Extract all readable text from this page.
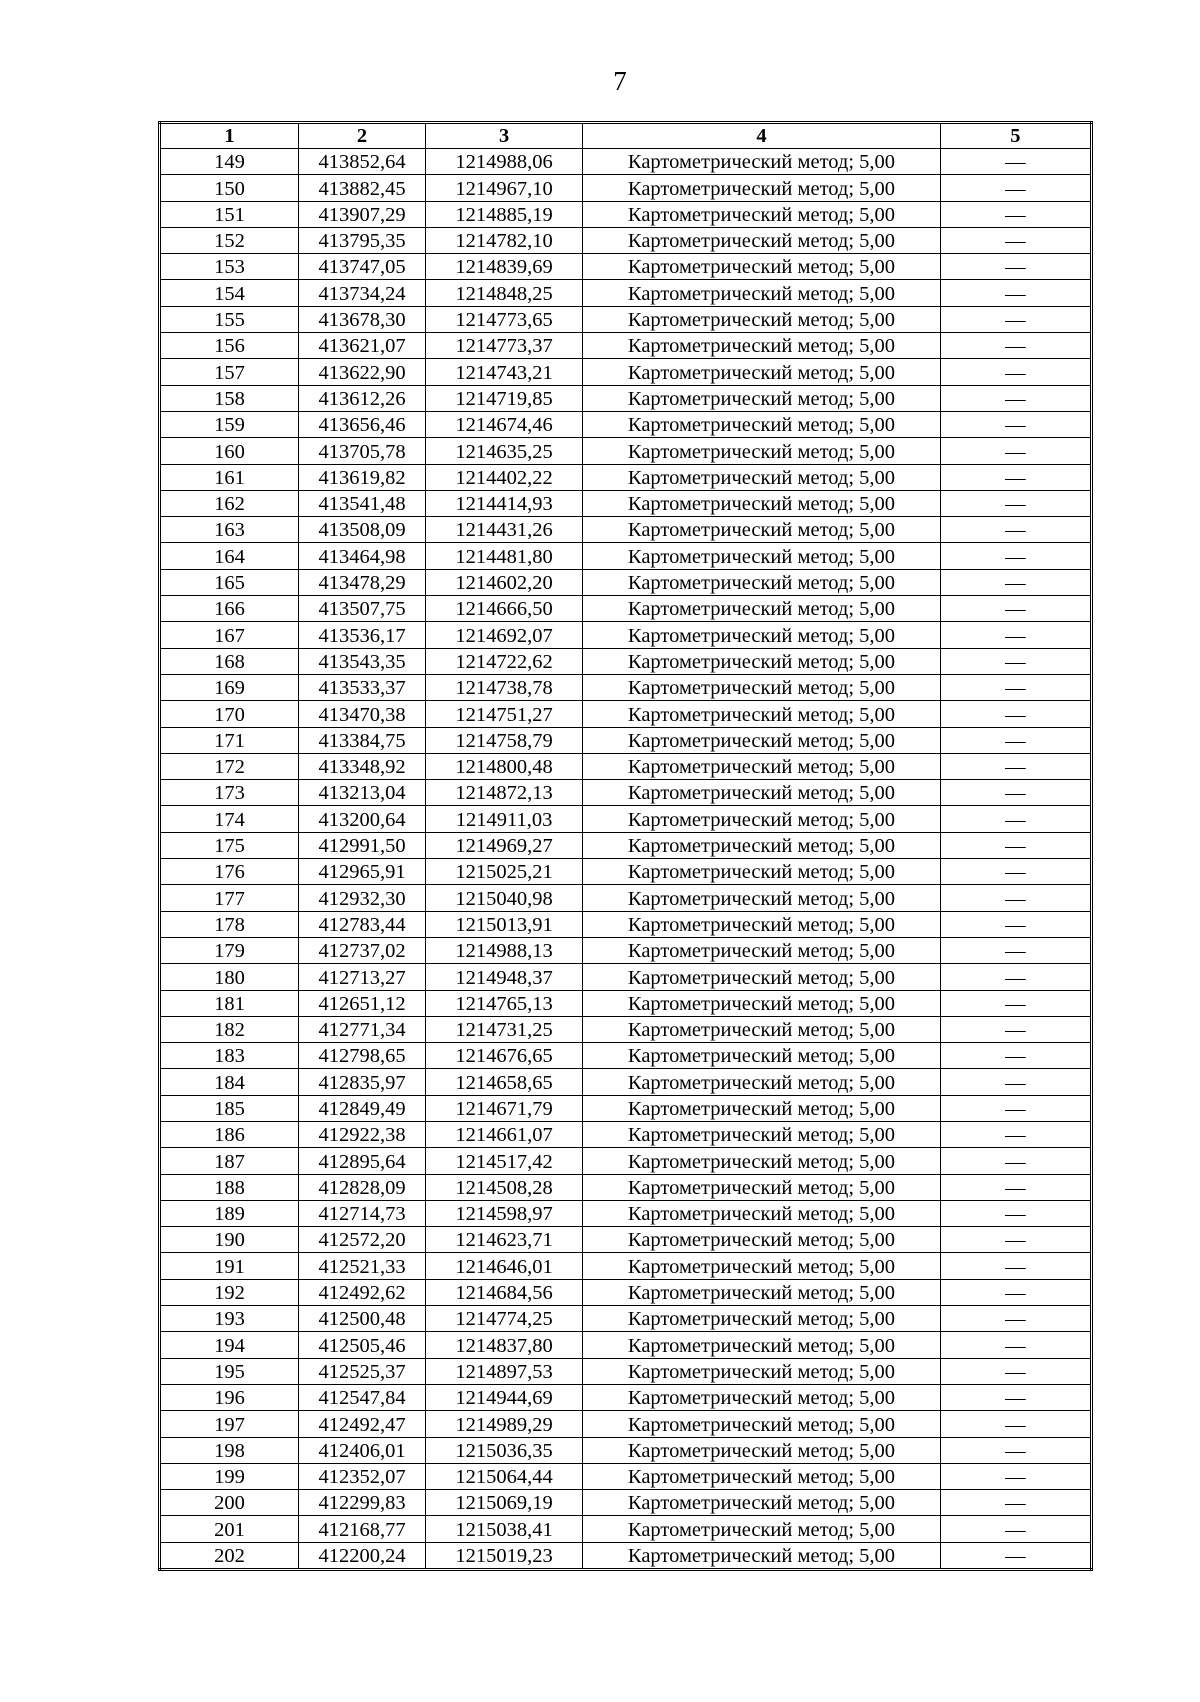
7
1	2	3	4	5
149	413852,64	1214988,06	Картометрический метод; 5,00	—
150	413882,45	1214967,10	Картометрический метод; 5,00	—
151	413907,29	1214885,19	Картометрический метод; 5,00	—
152	413795,35	1214782,10	Картометрический метод; 5,00	—
153	413747,05	1214839,69	Картометрический метод; 5,00	—
154	413734,24	1214848,25	Картометрический метод; 5,00	—
155	413678,30	1214773,65	Картометрический метод; 5,00	—
156	413621,07	1214773,37	Картометрический метод; 5,00	—
157	413622,90	1214743,21	Картометрический метод; 5,00	—
158	413612,26	1214719,85	Картометрический метод; 5,00	—
159	413656,46	1214674,46	Картометрический метод; 5,00	—
160	413705,78	1214635,25	Картометрический метод; 5,00	—
161	413619,82	1214402,22	Картометрический метод; 5,00	—
162	413541,48	1214414,93	Картометрический метод; 5,00	—
163	413508,09	1214431,26	Картометрический метод; 5,00	—
164	413464,98	1214481,80	Картометрический метод; 5,00	—
165	413478,29	1214602,20	Картометрический метод; 5,00	—
166	413507,75	1214666,50	Картометрический метод; 5,00	—
167	413536,17	1214692,07	Картометрический метод; 5,00	—
168	413543,35	1214722,62	Картометрический метод; 5,00	—
169	413533,37	1214738,78	Картометрический метод; 5,00	—
170	413470,38	1214751,27	Картометрический метод; 5,00	—
171	413384,75	1214758,79	Картометрический метод; 5,00	—
172	413348,92	1214800,48	Картометрический метод; 5,00	—
173	413213,04	1214872,13	Картометрический метод; 5,00	—
174	413200,64	1214911,03	Картометрический метод; 5,00	—
175	412991,50	1214969,27	Картометрический метод; 5,00	—
176	412965,91	1215025,21	Картометрический метод; 5,00	—
177	412932,30	1215040,98	Картометрический метод; 5,00	—
178	412783,44	1215013,91	Картометрический метод; 5,00	—
179	412737,02	1214988,13	Картометрический метод; 5,00	—
180	412713,27	1214948,37	Картометрический метод; 5,00	—
181	412651,12	1214765,13	Картометрический метод; 5,00	—
182	412771,34	1214731,25	Картометрический метод; 5,00	—
183	412798,65	1214676,65	Картометрический метод; 5,00	—
184	412835,97	1214658,65	Картометрический метод; 5,00	—
185	412849,49	1214671,79	Картометрический метод; 5,00	—
186	412922,38	1214661,07	Картометрический метод; 5,00	—
187	412895,64	1214517,42	Картометрический метод; 5,00	—
188	412828,09	1214508,28	Картометрический метод; 5,00	—
189	412714,73	1214598,97	Картометрический метод; 5,00	—
190	412572,20	1214623,71	Картометрический метод; 5,00	—
191	412521,33	1214646,01	Картометрический метод; 5,00	—
192	412492,62	1214684,56	Картометрический метод; 5,00	—
193	412500,48	1214774,25	Картометрический метод; 5,00	—
194	412505,46	1214837,80	Картометрический метод; 5,00	—
195	412525,37	1214897,53	Картометрический метод; 5,00	—
196	412547,84	1214944,69	Картометрический метод; 5,00	—
197	412492,47	1214989,29	Картометрический метод; 5,00	—
198	412406,01	1215036,35	Картометрический метод; 5,00	—
199	412352,07	1215064,44	Картометрический метод; 5,00	—
200	412299,83	1215069,19	Картометрический метод; 5,00	—
201	412168,77	1215038,41	Картометрический метод; 5,00	—
202	412200,24	1215019,23	Картометрический метод; 5,00	—
